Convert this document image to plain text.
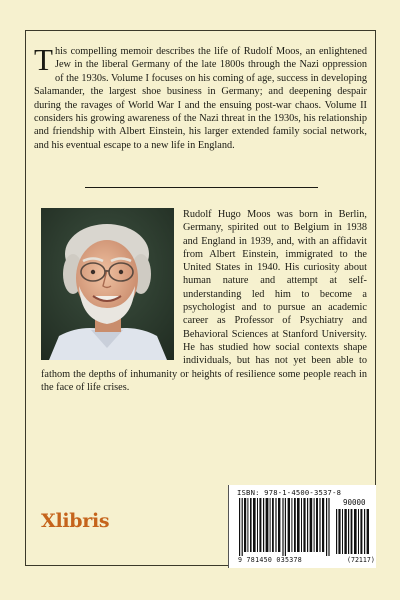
This compelling memoir describes the life of Rudolf Moos, an enlightened Jew in the liberal Germany of the late 1800s through the Nazi oppression of the 1930s. Volume I focuses on his coming of age, success in developing Salamander, the largest shoe business in Germany; and deepening despair during the ravages of World War I and the ensuing post-war chaos. Volume II considers his growing awareness of the Nazi threat in the 1930s, his relationship and friendship with Albert Einstein, his larger extended family social network, and his eventual escape to a new life in England.
Rudolf Hugo Moos was born in Berlin, Germany, spirited out to Belgium in 1938 and England in 1939, and, with an affidavit from Albert Einstein, immigrated to the United States in 1940. His curiosity about human nature and attempt at self-understanding led him to become a psychologist and to pursue an academic career as Professor of Psychiatry and Behavioral Sciences at Stanford University. He has studied how social contexts shape individuals, but has not yet been able to fathom the depths of inhumanity or heights of resilience some people reach in the face of life crises.
Xlibris
ISBN: 978-1-4500-3537-8
90000
9 781450 035378	(72117)
